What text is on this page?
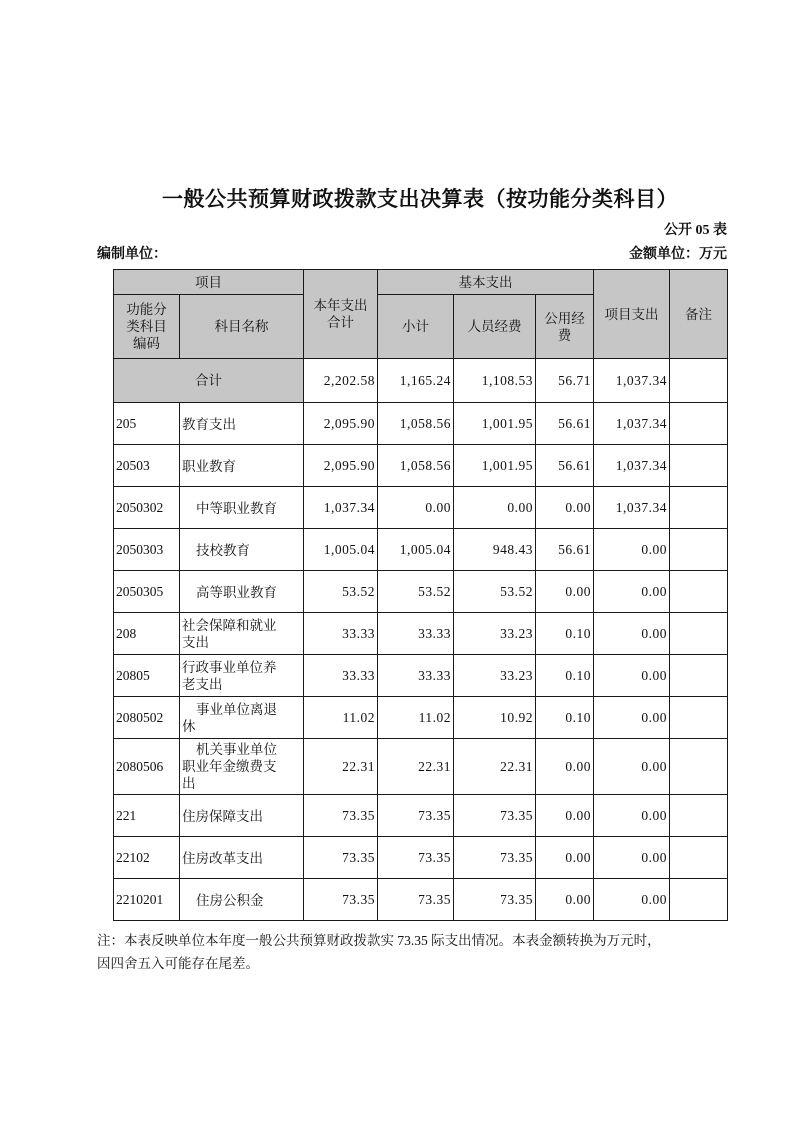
一般公共预算财政拨款支出决算表（按功能分类科目）
公开 05 表
编制单位：	金额单位：万元
项目		本年支出合计	基本支出			项目支出	备注
功能分类科目编码	科目名称		小计	人员经费	公用经费		
合计		2,202.58	1,165.24	1,108.53	56.71	1,037.34	
205	教育支出	2,095.90	1,058.56	1,001.95	56.61	1,037.34	
20503	职业教育	2,095.90	1,058.56	1,001.95	56.61	1,037.34	
2050302	中等职业教育	1,037.34	0.00	0.00	0.00	1,037.34	
2050303	技校教育	1,005.04	1,005.04	948.43	56.61	0.00	
2050305	高等职业教育	53.52	53.52	53.52	0.00	0.00	
208	社会保障和就业支出	33.33	33.33	33.23	0.10	0.00	
20805	行政事业单位养老支出	33.33	33.33	33.23	0.10	0.00	
2080502	事业单位离退休	11.02	11.02	10.92	0.10	0.00	
2080506	机关事业单位职业年金缴费支出	22.31	22.31	22.31	0.00	0.00	
221	住房保障支出	73.35	73.35	73.35	0.00	0.00	
22102	住房改革支出	73.35	73.35	73.35	0.00	0.00	
2210201	住房公积金	73.35	73.35	73.35	0.00	0.00	
注：本表反映单位本年度一般公共预算财政拨款实 73.35 际支出情况。本表金额转换为万元时，
因四舍五入可能存在尾差。
